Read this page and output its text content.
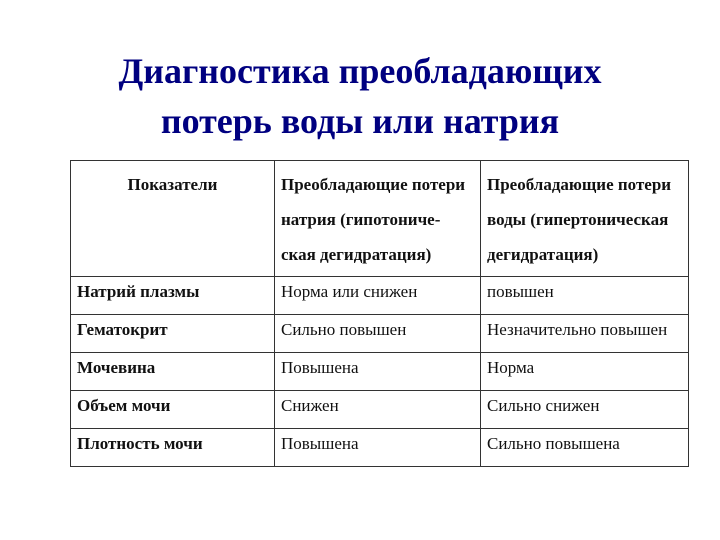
Диагностика преобладающих
потерь воды или натрия
Показатели	Преобладающие потери натрия (гипотониче-ская дегидратация)	Преобладающие потери воды (гипертоническая дегидратация)
Натрий плазмы	Норма или снижен	повышен
Гематокрит	Сильно повышен	Незначительно повышен
Мочевина	Повышена	Норма
Объем мочи	Снижен	Сильно снижен
Плотность мочи	Повышена	Сильно повышена
